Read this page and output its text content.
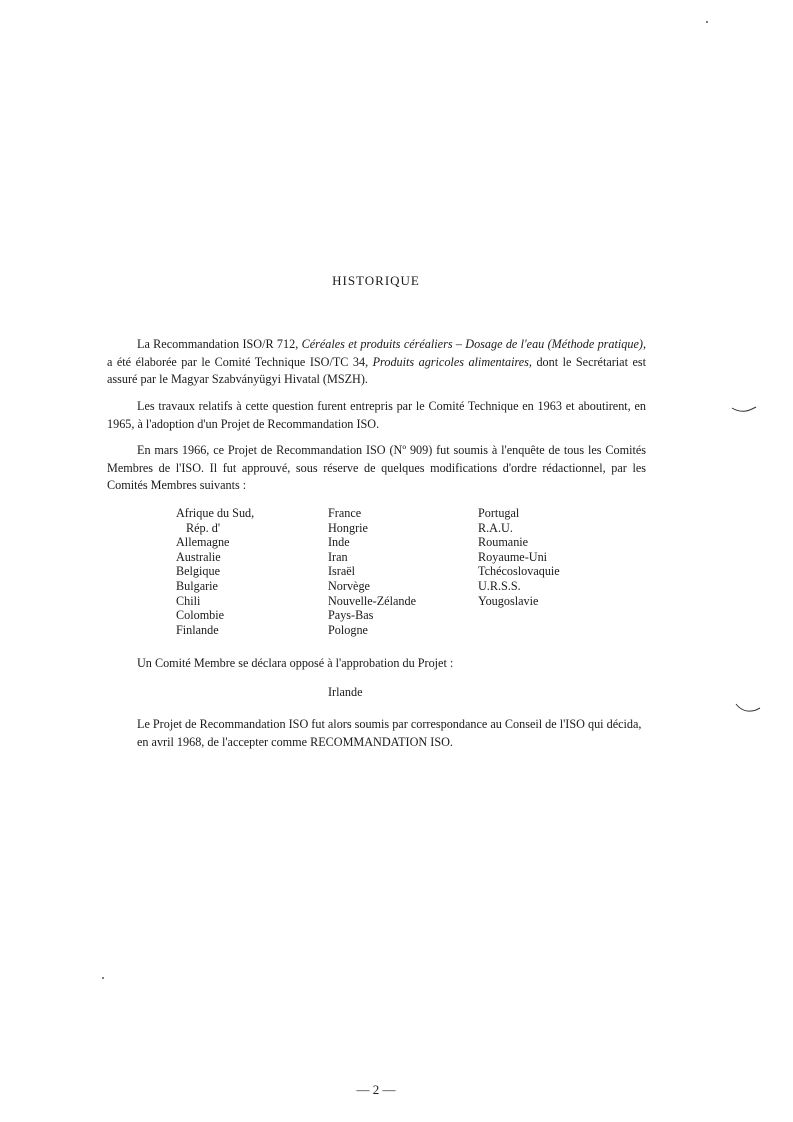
HISTORIQUE

La Recommandation ISO/R 712, Céréales et produits céréaliers – Dosage de l'eau (Méthode pratique), a été élaborée par le Comité Technique ISO/TC 34, Produits agricoles alimentaires, dont le Secrétariat est assuré par le Magyar Szabványügyi Hivatal (MSZH).

Les travaux relatifs à cette question furent entrepris par le Comité Technique en 1963 et aboutirent, en 1965, à l'adoption d'un Projet de Recommandation ISO.

En mars 1966, ce Projet de Recommandation ISO (Nº 909) fut soumis à l'enquête de tous les Comités Membres de l'ISO. Il fut approuvé, sous réserve de quelques modifications d'ordre rédactionnel, par les Comités Membres suivants :

Afrique du Sud,
Rép. d'
Allemagne
Australie
Belgique
Bulgarie
Chili
Colombie
Finlande
France
Hongrie
Inde
Iran
Israël
Norvège
Nouvelle-Zélande
Pays-Bas
Pologne
Portugal
R.A.U.
Roumanie
Royaume-Uni
Tchécoslovaquie
U.R.S.S.
Yougoslavie

Un Comité Membre se déclara opposé à l'approbation du Projet :

Irlande

Le Projet de Recommandation ISO fut alors soumis par correspondance au Conseil de l'ISO qui décida, en avril 1968, de l'accepter comme RECOMMANDATION ISO.

— 2 —
